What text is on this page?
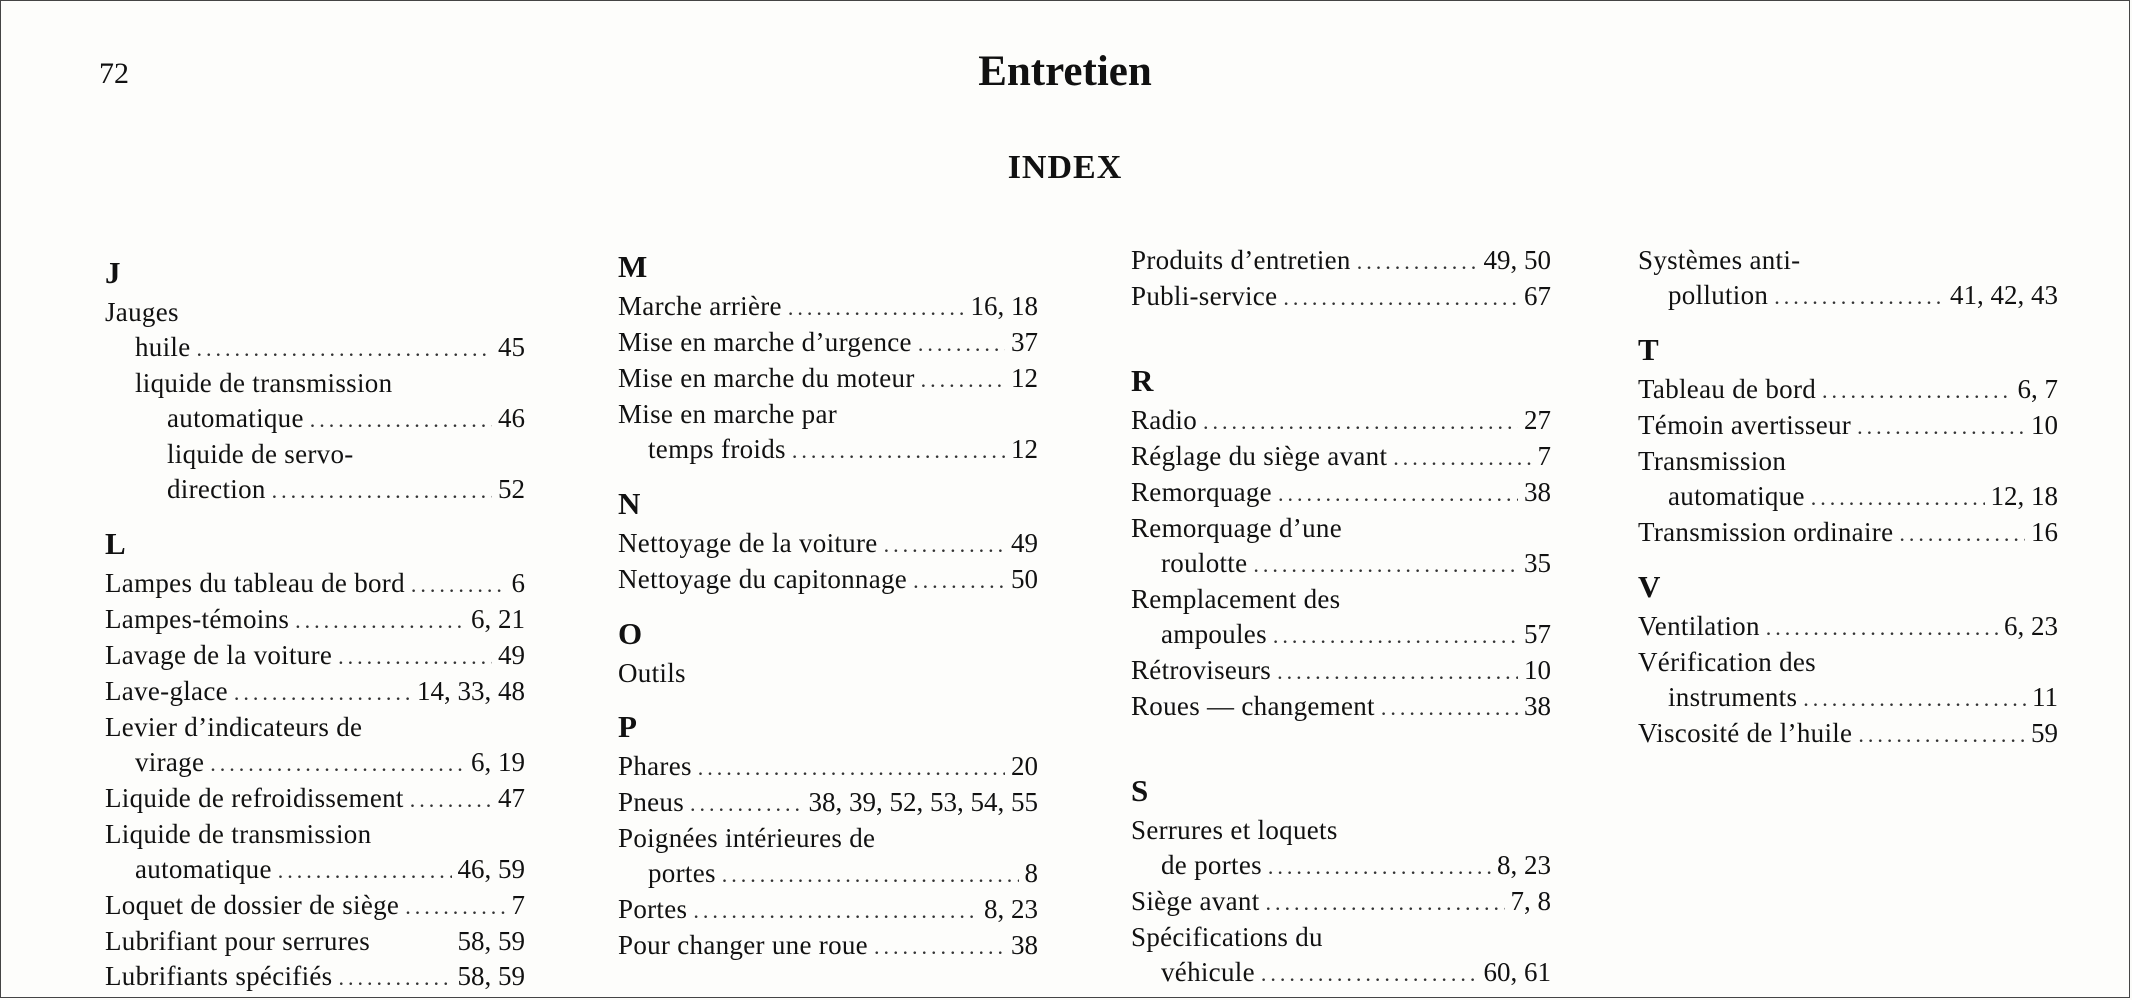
72	Entretien
INDEX
J
Jauges
huile .....	45
liquide de transmission
automatique .....	46
liquide de servo-
direction .....	52
L
Lampes du tableau de bord .....	6
Lampes-témoins .....	6, 21
Lavage de la voiture .....	49
Lave-glace .....	14, 33, 48
Levier d’indicateurs de
virage .....	6, 19
Liquide de refroidissement .....	47
Liquide de transmission
automatique .....	46, 59
Loquet de dossier de siège .....	7
Lubrifiant pour serrures	58, 59
Lubrifiants spécifiés .....	58, 59
M
Marche arrière .....	16, 18
Mise en marche d’urgence .....	37
Mise en marche du moteur .....	12
Mise en marche par
temps froids .....	12
N
Nettoyage de la voiture .....	49
Nettoyage du capitonnage .....	50
O
Outils
P
Phares .....	20
Pneus .....	38, 39, 52, 53, 54, 55
Poignées intérieures de
portes .....	8
Portes .....	8, 23
Pour changer une roue .....	38
Produits d’entretien .....	49, 50
Publi-service .....	67
R
Radio .....	27
Réglage du siège avant .....	7
Remorquage .....	38
Remorquage d’une
roulotte .....	35
Remplacement des
ampoules .....	57
Rétroviseurs .....	10
Roues — changement .....	38
S
Serrures et loquets
de portes .....	8, 23
Siège avant .....	7, 8
Spécifications du
véhicule .....	60, 61
Systèmes anti-
pollution .....	41, 42, 43
T
Tableau de bord .....	6, 7
Témoin avertisseur .....	10
Transmission
automatique .....	12, 18
Transmission ordinaire .....	16
V
Ventilation .....	6, 23
Vérification des
instruments .....	11
Viscosité de l’huile .....	59
